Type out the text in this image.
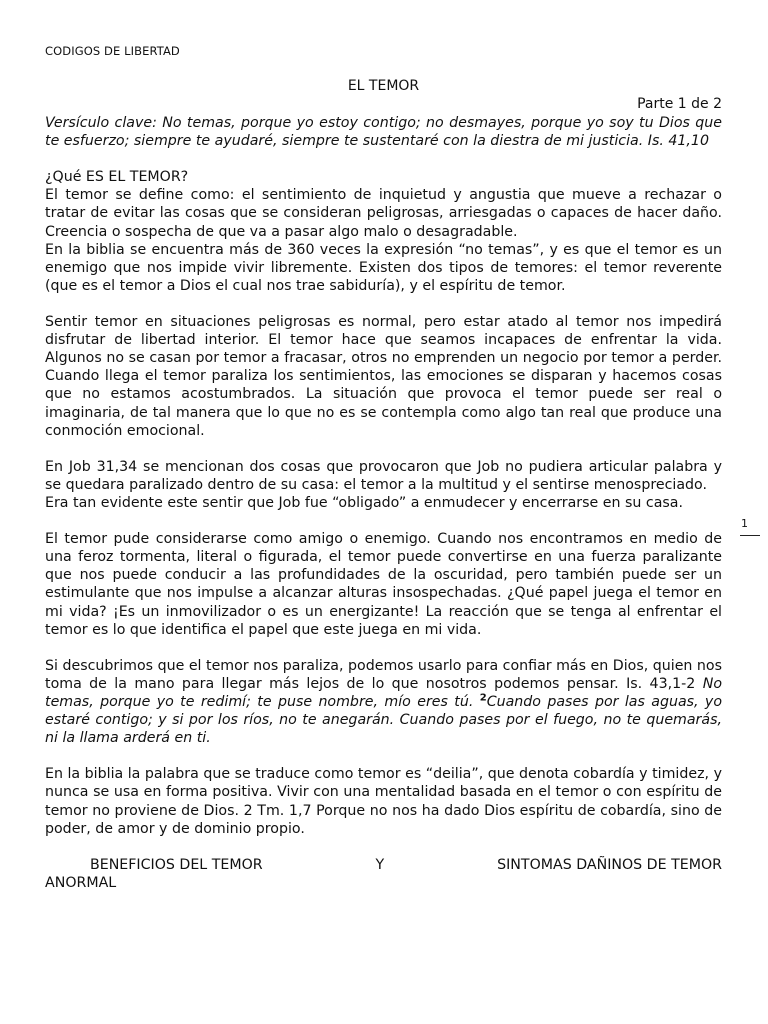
CODIGOS DE LIBERTAD
EL TEMOR
Parte 1 de 2

Versículo clave: No temas, porque yo estoy contigo; no desmayes, porque yo soy tu Dios que te esfuerzo; siempre te ayudaré, siempre te sustentaré con la diestra de mi justicia. Is. 41,10

¿Qué ES EL TEMOR?

El temor se define como: el sentimiento de inquietud y angustia que mueve a rechazar o tratar de evitar las cosas que se consideran peligrosas, arriesgadas o capaces de hacer daño. Creencia o sospecha de que va a pasar algo malo o desagradable.

En la biblia se encuentra más de 360 veces la expresión “no temas”, y es que el temor es un enemigo que nos impide vivir libremente. Existen dos tipos de temores: el temor reverente (que es el temor a Dios el cual nos trae sabiduría), y el espíritu de temor.

Sentir temor en situaciones peligrosas es normal, pero estar atado al temor nos impedirá disfrutar de libertad interior. El temor hace que seamos incapaces de enfrentar la vida. Algunos no se casan por temor a fracasar, otros no emprenden un negocio por temor a perder. Cuando llega el temor paraliza los sentimientos, las emociones se disparan y hacemos cosas que no estamos acostumbrados. La situación que provoca el temor puede ser real o imaginaria, de tal manera que lo que no es se contempla como algo tan real que produce una conmoción emocional.

En Job 31,34 se mencionan dos cosas que provocaron que Job no pudiera articular palabra y se quedara paralizado dentro de su casa: el temor a la multitud y el sentirse menospreciado.

Era tan evidente este sentir que Job fue “obligado” a enmudecer y encerrarse en su casa.

El temor pude considerarse como amigo o enemigo. Cuando nos encontramos en medio de una feroz tormenta, literal o figurada, el temor puede convertirse en una fuerza paralizante que nos puede conducir a las profundidades de la oscuridad, pero también puede ser un estimulante que nos impulse a alcanzar alturas insospechadas. ¿Qué papel juega el temor en mi vida? ¡Es un inmovilizador o es un energizante! La reacción que se tenga al enfrentar el temor es lo que identifica el papel que este juega en mi vida.

Si descubrimos que el temor nos paraliza, podemos usarlo para confiar más en Dios, quien nos toma de la mano para llegar más lejos de lo que nosotros podemos pensar. Is. 43,1-2 No temas, porque yo te redimí; te puse nombre, mío eres tú. $^2$Cuando pases por las aguas, yo estaré contigo; y si por los ríos, no te anegarán. Cuando pases por el fuego, no te quemarás, ni la llama arderá en ti.

En la biblia la palabra que se traduce como temor es “deilia”, que denota cobardía y timidez, y nunca se usa en forma positiva. Vivir con una mentalidad basada en el temor o con espíritu de temor no proviene de Dios. 2 Tm. 1,7 Porque no nos ha dado Dios espíritu de cobardía, sino de poder, de amor y de dominio propio.

BENEFICIOS DEL TEMOR	Y	SINTOMAS DAÑINOS DE TEMOR

ANORMAL

1
